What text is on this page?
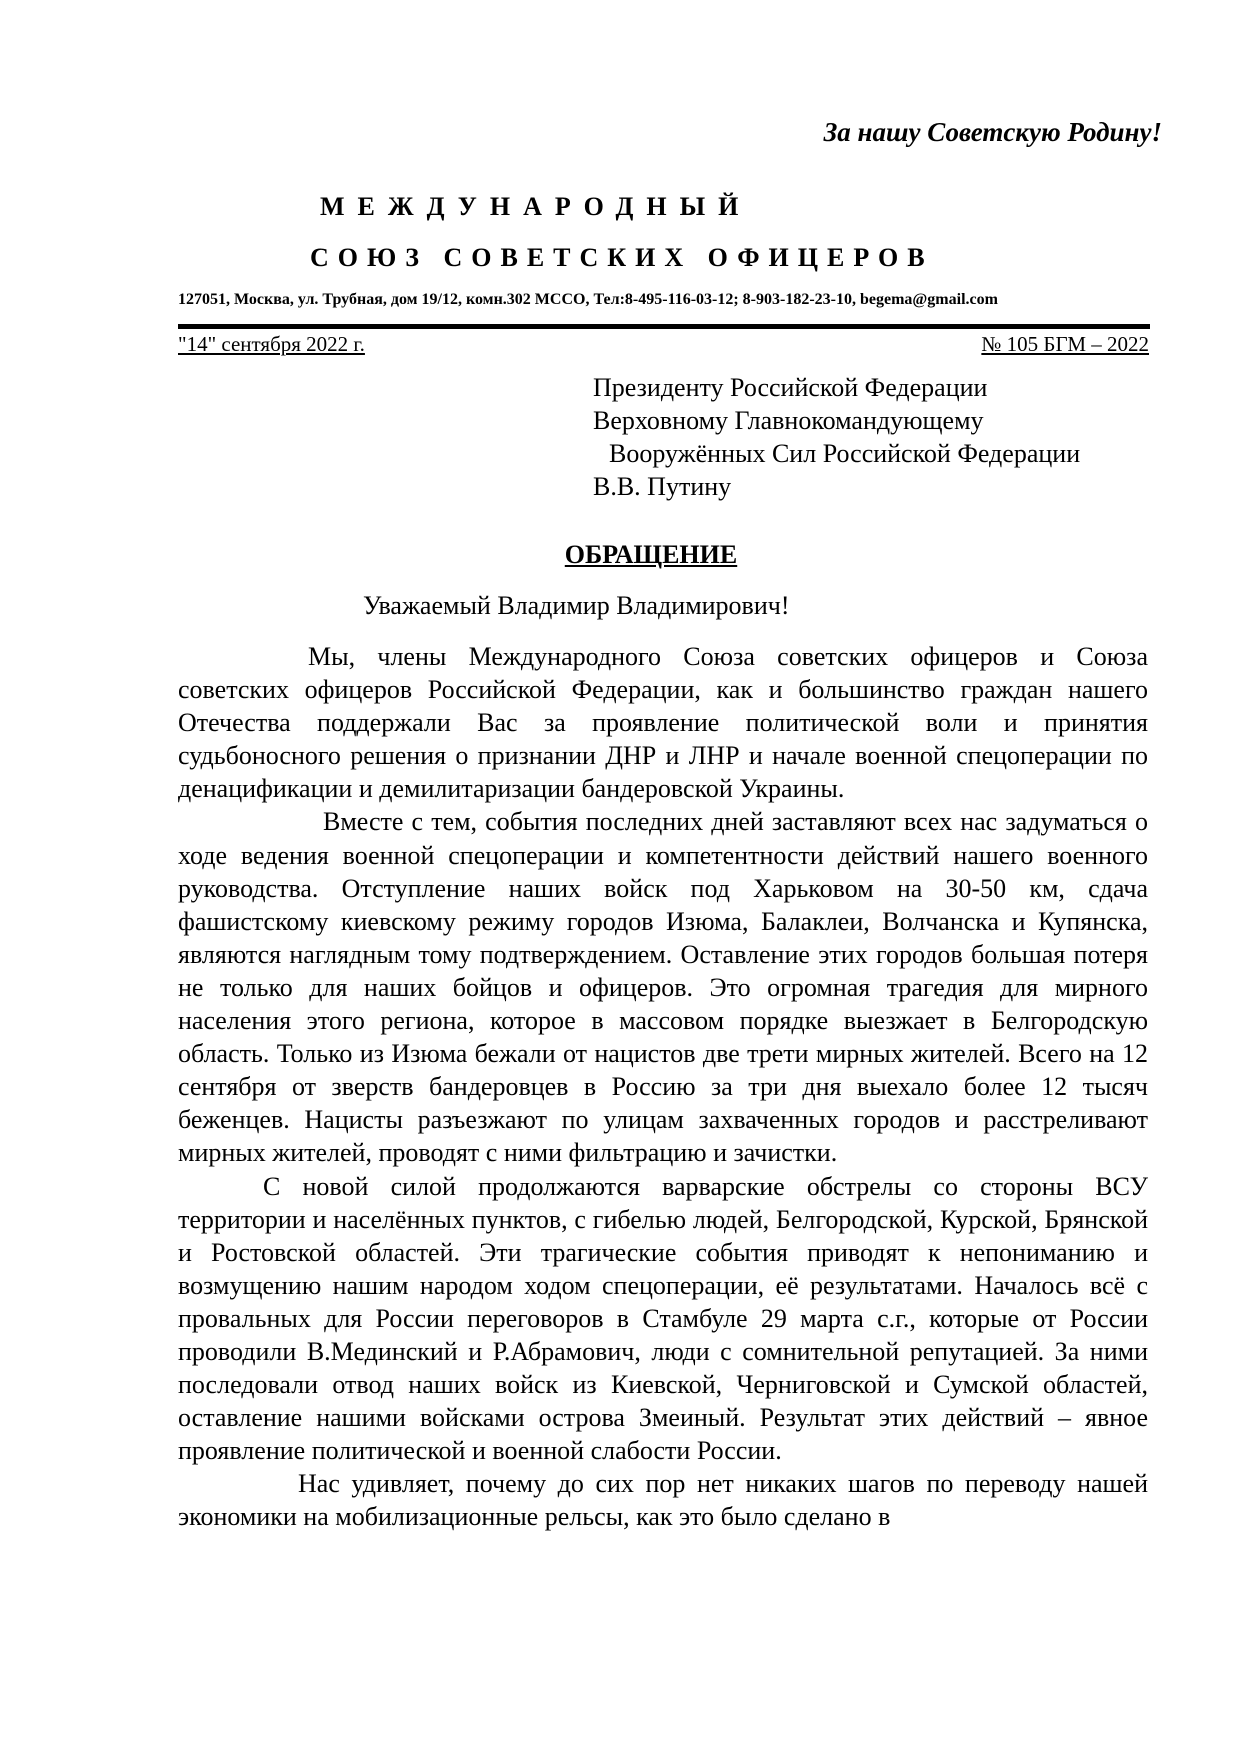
За нашу Советскую Родину!
МЕЖДУНАРОДНЫЙ
СОЮЗ СОВЕТСКИХ ОФИЦЕРОВ
127051, Москва, ул. Трубная, дом 19/12, комн.302 МССО, Тел:8-495-116-03-12; 8-903-182-23-10, begema@gmail.com
"14" сентября 2022 г.	№ 105 БГМ – 2022
Президенту Российской Федерации
Верховному Главнокомандующему
Вооружённых Сил Российской Федерации
В.В. Путину
ОБРАЩЕНИЕ
Уважаемый Владимир Владимирович!

Мы, члены Международного Союза советских офицеров и Союза советских офицеров Российской Федерации, как и большинство граждан нашего Отечества поддержали Вас за проявление политической воли и принятия судьбоносного решения о признании ДНР и ЛНР и начале военной спецоперации по денацификации и демилитаризации бандеровской Украины.

Вместе с тем, события последних дней заставляют всех нас задуматься о ходе ведения военной спецоперации и компетентности действий нашего военного руководства. Отступление наших войск под Харьковом на 30-50 км, сдача фашистскому киевскому режиму городов Изюма, Балаклеи, Волчанска и Купянска, являются наглядным тому подтверждением. Оставление этих городов большая потеря не только для наших бойцов и офицеров. Это огромная трагедия для мирного населения этого региона, которое в массовом порядке выезжает в Белгородскую область. Только из Изюма бежали от нацистов две трети мирных жителей. Всего на 12 сентября от зверств бандеровцев в Россию за три дня выехало более 12 тысяч беженцев. Нацисты разъезжают по улицам захваченных городов и расстреливают мирных жителей, проводят с ними фильтрацию и зачистки.

С новой силой продолжаются варварские обстрелы со стороны ВСУ территории и населённых пунктов, с гибелью людей, Белгородской, Курской, Брянской и Ростовской областей. Эти трагические события приводят к непониманию и возмущению нашим народом ходом спецоперации, её результатами. Началось всё с провальных для России переговоров в Стамбуле 29 марта с.г., которые от России проводили В.Мединский и Р.Абрамович, люди с сомнительной репутацией. За ними последовали отвод наших войск из Киевской, Черниговской и Сумской областей, оставление нашими войсками острова Змеиный. Результат этих действий – явное проявление политической и военной слабости России.

Нас удивляет, почему до сих пор нет никаких шагов по переводу нашей экономики на мобилизационные рельсы, как это было сделано в
